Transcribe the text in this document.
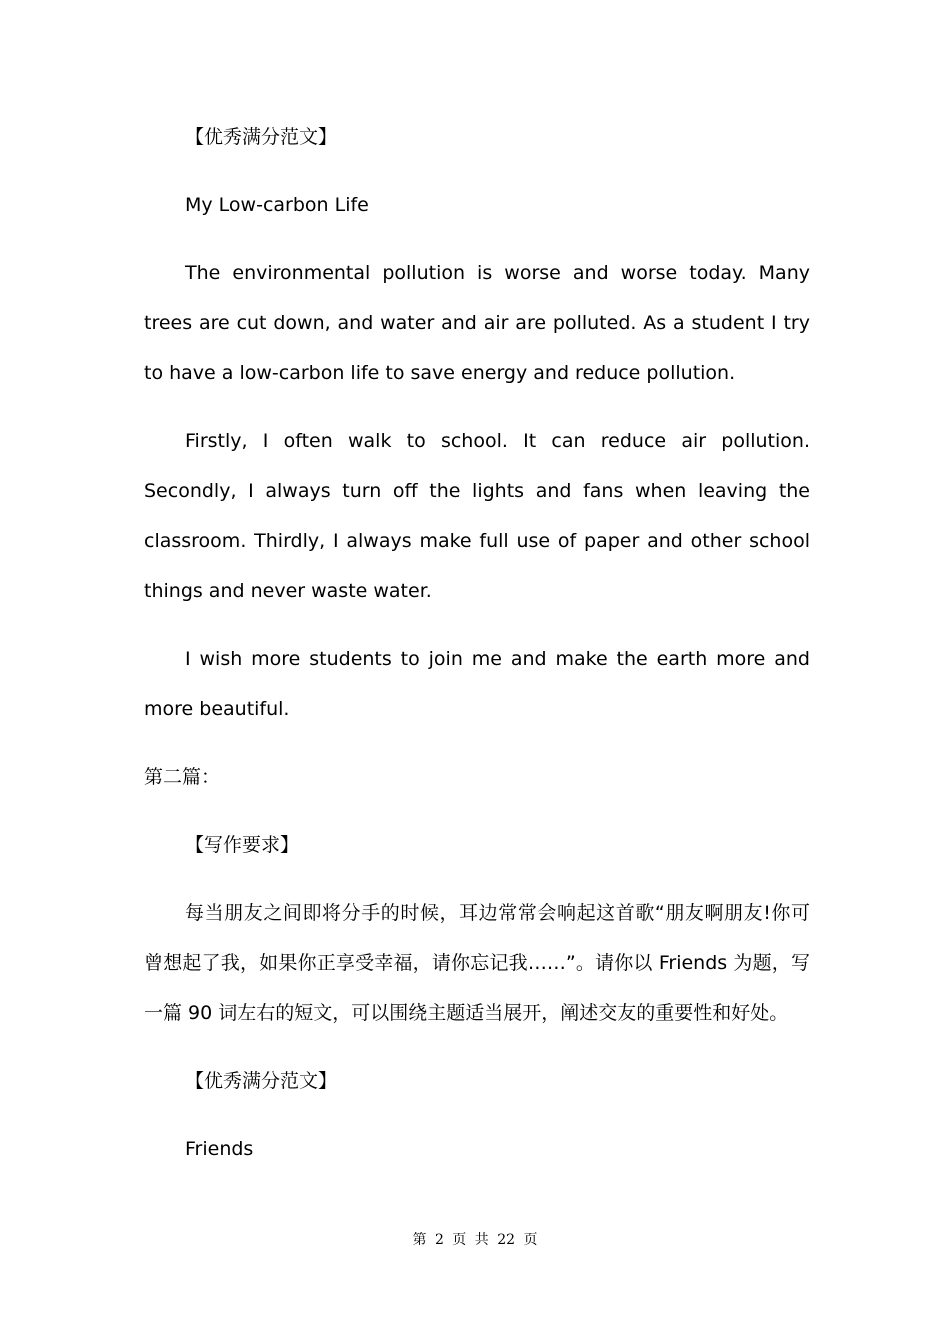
【优秀满分范文】

My Low-carbon Life

The environmental pollution is worse and worse today. Many trees are cut down, and water and air are polluted. As a student I try to have a low-carbon life to save energy and reduce pollution.

Firstly, I often walk to school. It can reduce air pollution. Secondly, I always turn off the lights and fans when leaving the classroom. Thirdly, I always make full use of paper and other school things and never waste water.

I wish more students to join me and make the earth more and more beautiful.

第二篇：

【写作要求】

每当朋友之间即将分手的时候，耳边常常会响起这首歌“朋友啊朋友!你可曾想起了我，如果你正享受幸福，请你忘记我……”。请你以 Friends 为题，写一篇 90 词左右的短文，可以围绕主题适当展开，阐述交友的重要性和好处。

【优秀满分范文】

Friends

第 2 页 共 22 页
